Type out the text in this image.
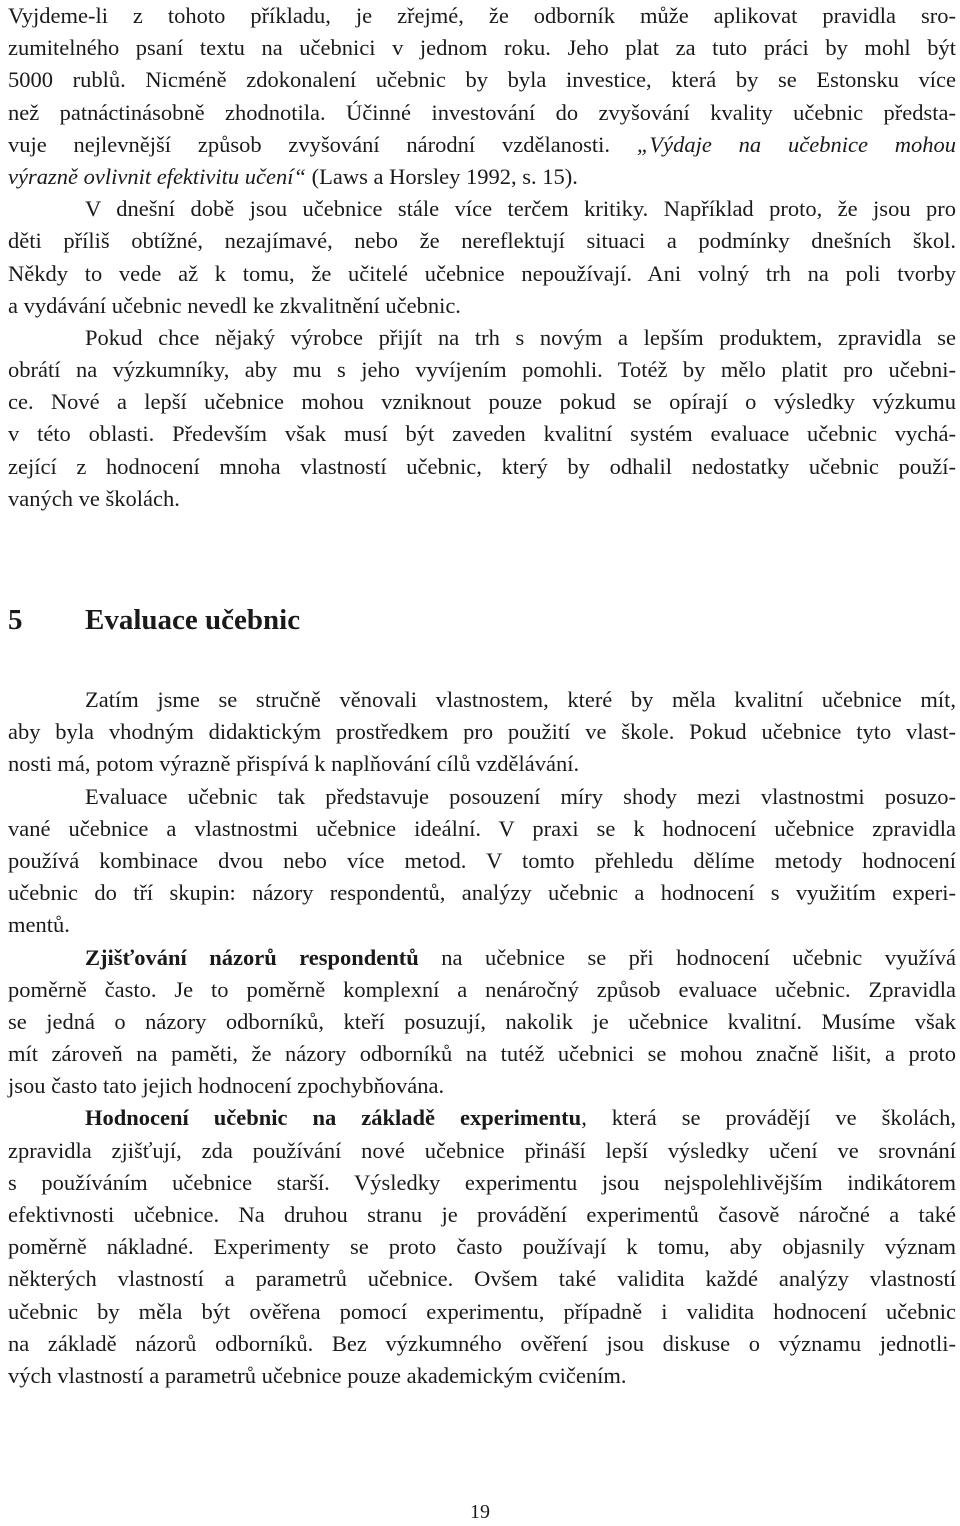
Vyjdeme-li z tohoto příkladu, je zřejmé, že odborník může aplikovat pravidla sro-
zumitelného psaní textu na učebnici v jednom roku. Jeho plat za tuto práci by mohl být
5000 rublů. Nicméně zdokonalení učebnic by byla investice, která by se Estonsku více
než patnáctinásobně zhodnotila. Účinné investování do zvyšování kvality učebnic předsta-
vuje nejlevnější způsob zvyšování národní vzdělanosti. „Výdaje na učebnice mohou
výrazně ovlivnit efektivitu učení“ (Laws a Horsley 1992, s. 15).
V dnešní době jsou učebnice stále více terčem kritiky. Například proto, že jsou pro
děti příliš obtížné, nezajímavé, nebo že nereflektují situaci a podmínky dnešních škol.
Někdy to vede až k tomu, že učitelé učebnice nepoužívají. Ani volný trh na poli tvorby
a vydávání učebnic nevedl ke zkvalitnění učebnic.
Pokud chce nějaký výrobce přijít na trh s novým a lepším produktem, zpravidla se
obrátí na výzkumníky, aby mu s jeho vyvíjením pomohli. Totéž by mělo platit pro učebni-
ce. Nové a lepší učebnice mohou vzniknout pouze pokud se opírají o výsledky výzkumu
v této oblasti. Především však musí být zaveden kvalitní systém evaluace učebnic vychá-
zející z hodnocení mnoha vlastností učebnic, který by odhalil nedostatky učebnic použí-
vaných ve školách.
5 Evaluace učebnic
Zatím jsme se stručně věnovali vlastnostem, které by měla kvalitní učebnice mít,
aby byla vhodným didaktickým prostředkem pro použití ve škole. Pokud učebnice tyto vlast-
nosti má, potom výrazně přispívá k naplňování cílů vzdělávání.
Evaluace učebnic tak představuje posouzení míry shody mezi vlastnostmi posuzo-
vané učebnice a vlastnostmi učebnice ideální. V praxi se k hodnocení učebnice zpravidla
používá kombinace dvou nebo více metod. V tomto přehledu dělíme metody hodnocení
učebnic do tří skupin: názory respondentů, analýzy učebnic a hodnocení s využitím experi-
mentů.
Zjišťování názorů respondentů na učebnice se při hodnocení učebnic využívá
poměrně často. Je to poměrně komplexní a nenáročný způsob evaluace učebnic. Zpravidla
se jedná o názory odborníků, kteří posuzují, nakolik je učebnice kvalitní. Musíme však
mít zároveň na paměti, že názory odborníků na tutéž učebnici se mohou značně lišit, a proto
jsou často tato jejich hodnocení zpochybňována.
Hodnocení učebnic na základě experimentu, která se provádějí ve školách,
zpravidla zjišťují, zda používání nové učebnice přináší lepší výsledky učení ve srovnání
s používáním učebnice starší. Výsledky experimentu jsou nejspolehlivějším indikátorem
efektivnosti učebnice. Na druhou stranu je provádění experimentů časově náročné a také
poměrně nákladné. Experimenty se proto často používají k tomu, aby objasnily význam
některých vlastností a parametrů učebnice. Ovšem také validita každé analýzy vlastností
učebnic by měla být ověřena pomocí experimentu, případně i validita hodnocení učebnic
na základě názorů odborníků. Bez výzkumného ověření jsou diskuse o významu jednotli-
vých vlastností a parametrů učebnice pouze akademickým cvičením.
19
